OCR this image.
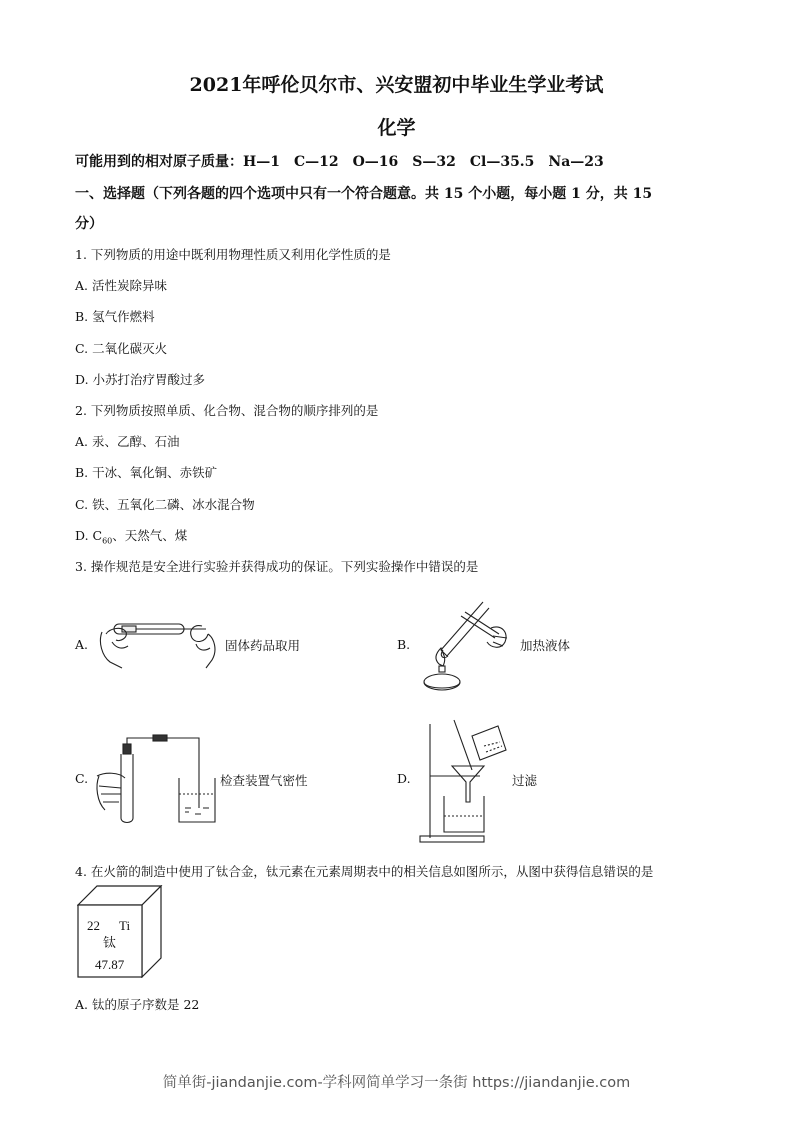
2021年呼伦贝尔市、兴安盟初中毕业生学业考试
化学
可能用到的相对原子质量：H—1　C—12　O—16　S—32　Cl—35.5　Na—23
一、选择题（下列各题的四个选项中只有一个符合题意。共 15 个小题，每小题 1 分，共 15
分）
1. 下列物质的用途中既利用物理性质又利用化学性质的是
A. 活性炭除异味
B. 氢气作燃料
C. 二氧化碳灭火
D. 小苏打治疗胃酸过多
2. 下列物质按照单质、化合物、混合物的顺序排列的是
A. 汞、乙醇、石油
B. 干冰、氧化铜、赤铁矿
C. 铁、五氧化二磷、冰水混合物
D. $C_{60}$、天然气、煤
3. 操作规范是安全进行实验并获得成功的保证。下列实验操作中错误的是
A.	固体药品取用	B.	加热液体
C.	检查装置气密性	D.	过滤
4. 在火箭的制造中使用了钛合金，钛元素在元素周期表中的相关信息如图所示，从图中获得信息错误的是
22 Ti
钛
47.87
A. 钛的原子序数是 22
简单街-jiandanjie.com-学科网简单学习一条街 https://jiandanjie.com
